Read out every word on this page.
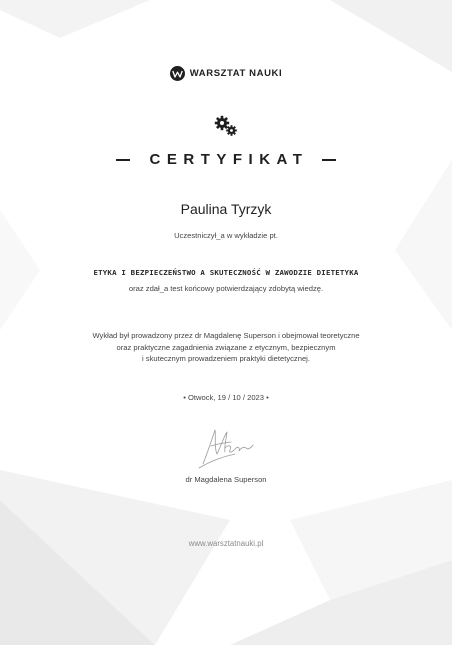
WARSZTAT NAUKI
CERTYFIKAT
Paulina Tyrzyk
Uczestniczył_a w wykładzie pt.
ETYKA I BEZPIECZEŃSTWO A SKUTECZNOŚĆ W ZAWODZIE DIETETYKA
oraz zdał_a test końcowy potwierdzający zdobytą wiedzę.
Wykład był prowadzony przez dr Magdalenę Superson i obejmował teoretyczne
oraz praktyczne zagadnienia związane z etycznym, bezpiecznym
i skutecznym prowadzeniem praktyki dietetycznej.
• Otwock, 19 / 10 / 2023 •
dr Magdalena Superson
www.warsztatnauki.pl
